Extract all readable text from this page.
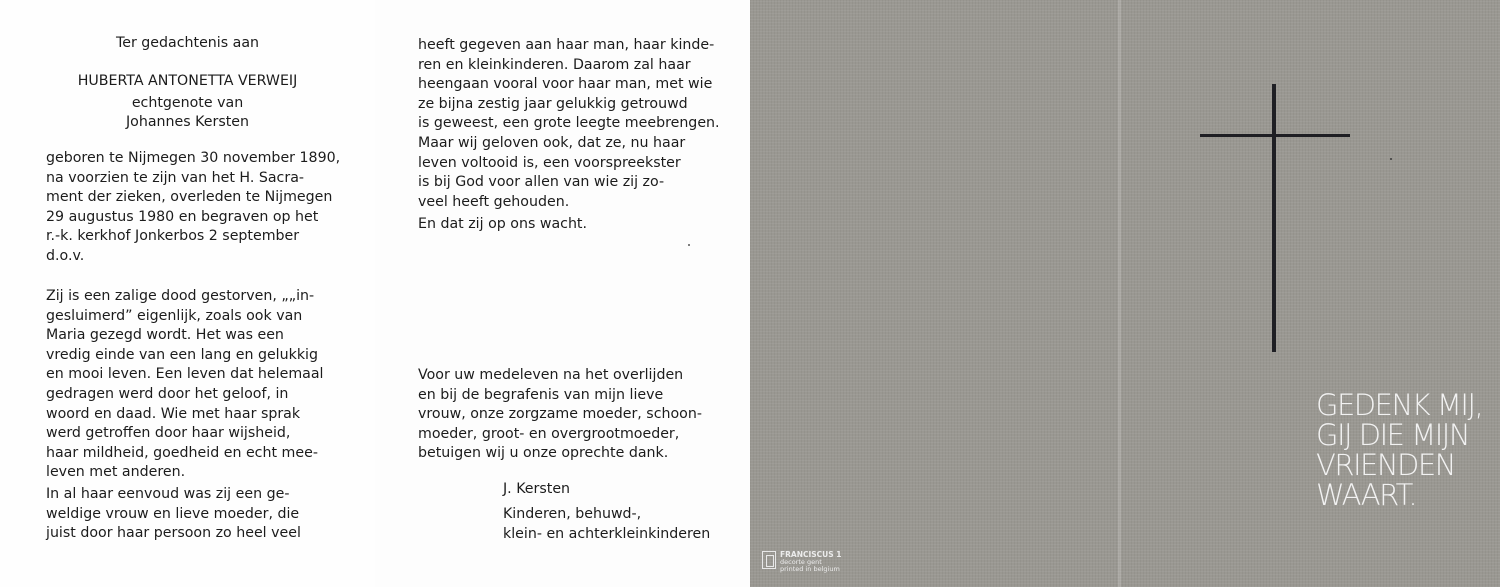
Ter gedachtenis aan
HUBERTA ANTONETTA VERWEIJ
echtgenote van
Johannes Kersten
geboren te Nijmegen 30 november 1890,
na voorzien te zijn van het H. Sacra-
ment der zieken, overleden te Nijmegen
29 augustus 1980 en begraven op het
r.-k. kerkhof Jonkerbos 2 september
d.o.v.
Zij is een zalige dood gestorven, „„in-
gesluimerd” eigenlijk, zoals ook van
Maria gezegd wordt. Het was een
vredig einde van een lang en gelukkig
en mooi leven. Een leven dat helemaal
gedragen werd door het geloof, in
woord en daad. Wie met haar sprak
werd getroffen door haar wijsheid,
haar mildheid, goedheid en echt mee-
leven met anderen.
In al haar eenvoud was zij een ge-
weldige vrouw en lieve moeder, die
juist door haar persoon zo heel veel
heeft gegeven aan haar man, haar kinde-
ren en kleinkinderen. Daarom zal haar
heengaan vooral voor haar man, met wie
ze bijna zestig jaar gelukkig getrouwd
is geweest, een grote leegte meebrengen.
Maar wij geloven ook, dat ze, nu haar
leven voltooid is, een voorspreekster
is bij God voor allen van wie zij zo-
veel heeft gehouden.
En dat zij op ons wacht.
Voor uw medeleven na het overlijden
en bij de begrafenis van mijn lieve
vrouw, onze zorgzame moeder, schoon-
moeder, groot- en overgrootmoeder,
betuigen wij u onze oprechte dank.
J. Kersten
Kinderen, behuwd-,
klein- en achterkleinkinderen
GEDENK MIJ,
GIJ DIE MIJN
VRIENDEN
WAART.
FRANCISCUS 1
decorte gent
printed in belgium
